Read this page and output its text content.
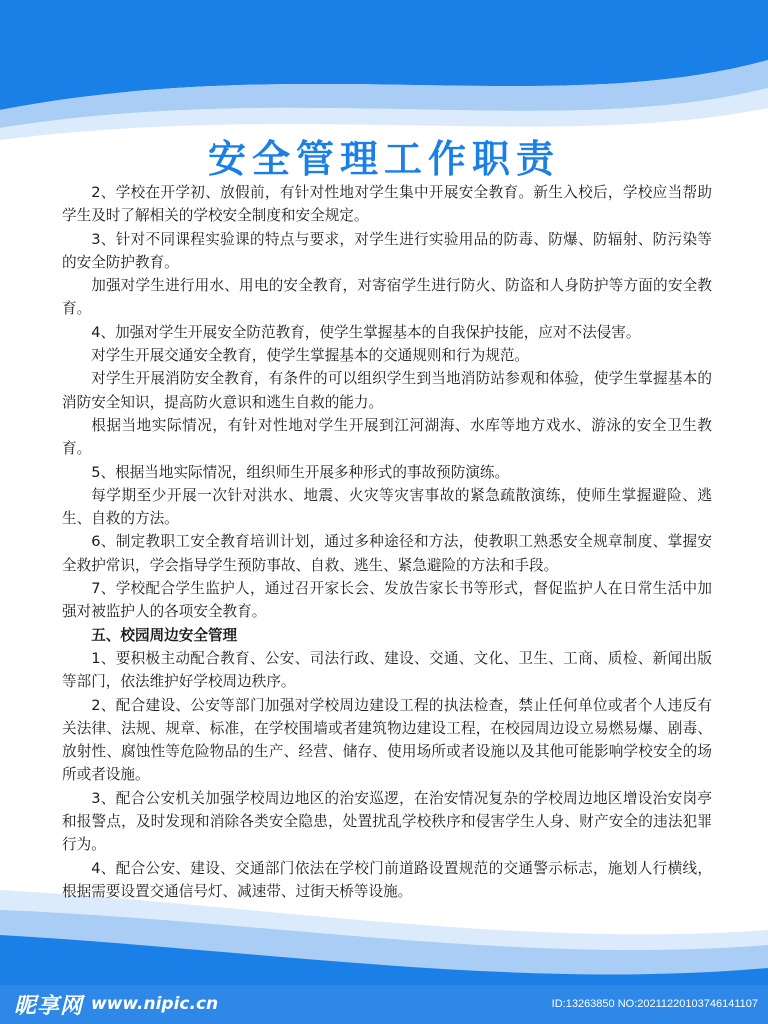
安全管理工作职责

2、学校在开学初、放假前，有针对性地对学生集中开展安全教育。新生入校后，学校应当帮助学生及时了解相关的学校安全制度和安全规定。

3、针对不同课程实验课的特点与要求，对学生进行实验用品的防毒、防爆、防辐射、防污染等的安全防护教育。

加强对学生进行用水、用电的安全教育，对寄宿学生进行防火、防盗和人身防护等方面的安全教育。

4、加强对学生开展安全防范教育，使学生掌握基本的自我保护技能，应对不法侵害。

对学生开展交通安全教育，使学生掌握基本的交通规则和行为规范。

对学生开展消防安全教育，有条件的可以组织学生到当地消防站参观和体验，使学生掌握基本的消防安全知识，提高防火意识和逃生自救的能力。

根据当地实际情况，有针对性地对学生开展到江河湖海、水库等地方戏水、游泳的安全卫生教育。

5、根据当地实际情况，组织师生开展多种形式的事故预防演练。

每学期至少开展一次针对洪水、地震、火灾等灾害事故的紧急疏散演练，使师生掌握避险、逃生、自救的方法。

6、制定教职工安全教育培训计划，通过多种途径和方法，使教职工熟悉安全规章制度、掌握安全救护常识，学会指导学生预防事故、自救、逃生、紧急避险的方法和手段。

7、学校配合学生监护人，通过召开家长会、发放告家长书等形式，督促监护人在日常生活中加强对被监护人的各项安全教育。

五、校园周边安全管理

1、要积极主动配合教育、公安、司法行政、建设、交通、文化、卫生、工商、质检、新闻出版等部门，依法维护好学校周边秩序。

2、配合建设、公安等部门加强对学校周边建设工程的执法检查，禁止任何单位或者个人违反有关法律、法规、规章、标准，在学校围墙或者建筑物边建设工程，在校园周边设立易燃易爆、剧毒、放射性、腐蚀性等危险物品的生产、经营、储存、使用场所或者设施以及其他可能影响学校安全的场所或者设施。

3、配合公安机关加强学校周边地区的治安巡逻，在治安情况复杂的学校周边地区增设治安岗亭和报警点，及时发现和消除各类安全隐患，处置扰乱学校秩序和侵害学生人身、财产安全的违法犯罪行为。

4、配合公安、建设、交通部门依法在学校门前道路设置规范的交通警示标志，施划人行横线，根据需要设置交通信号灯、减速带、过街天桥等设施。

昵享网 www.nipic.cn	ID:13263850 NO:20211220103746141107
